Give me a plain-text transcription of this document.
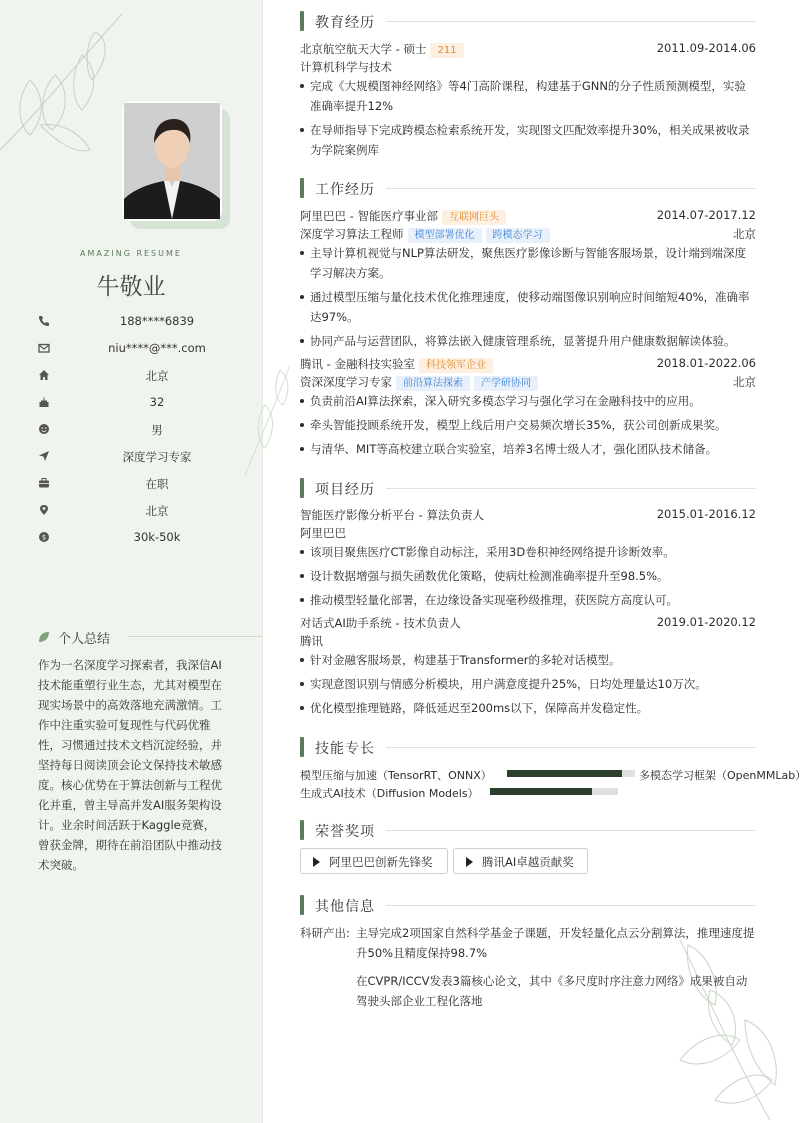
AMAZING RESUME
牛敬业
188****6839
niu****@***.com
北京
32
男
深度学习专家
在职
北京
$	30k-50k
个人总结
作为一名深度学习探索者，我深信AI技术能重塑行业生态，尤其对模型在现实场景中的高效落地充满激情。工作中注重实验可复现性与代码优雅性，习惯通过技术文档沉淀经验，并坚持每日阅读顶会论文保持技术敏感度。核心优势在于算法创新与工程优化并重，曾主导高并发AI服务架构设计。业余时间活跃于Kaggle竞赛，曾获金牌，期待在前沿团队中推动技术突破。
教育经历
北京航空航天大学 - 硕士 211	2011.09-2014.06
计算机科学与技术
完成《大规模图神经网络》等4门高阶课程，构建基于GNN的分子性质预测模型，实验准确率提升12%
在导师指导下完成跨模态检索系统开发，实现图文匹配效率提升30%，相关成果被收录为学院案例库
工作经历
阿里巴巴 - 智能医疗事业部 互联网巨头	2014.07-2017.12
深度学习算法工程师 模型部署优化 跨模态学习	北京
主导计算机视觉与NLP算法研发，聚焦医疗影像诊断与智能客服场景，设计端到端深度学习解决方案。
通过模型压缩与量化技术优化推理速度，使移动端图像识别响应时间缩短40%，准确率达97%。
协同产品与运营团队，将算法嵌入健康管理系统，显著提升用户健康数据解读体验。
腾讯 - 金融科技实验室 科技领军企业	2018.01-2022.06
资深深度学习专家 前沿算法探索 产学研协同	北京
负责前沿AI算法探索，深入研究多模态学习与强化学习在金融科技中的应用。
牵头智能投顾系统开发，模型上线后用户交易频次增长35%，获公司创新成果奖。
与清华、MIT等高校建立联合实验室，培养3名博士级人才，强化团队技术储备。
项目经历
智能医疗影像分析平台 - 算法负责人	2015.01-2016.12
阿里巴巴
该项目聚焦医疗CT影像自动标注，采用3D卷积神经网络提升诊断效率。
设计数据增强与损失函数优化策略，使病灶检测准确率提升至98.5%。
推动模型轻量化部署，在边缘设备实现毫秒级推理，获医院方高度认可。
对话式AI助手系统 - 技术负责人	2019.01-2020.12
腾讯
针对金融客服场景，构建基于Transformer的多轮对话模型。
实现意图识别与情感分析模块，用户满意度提升25%，日均处理量达10万次。
优化模型推理链路，降低延迟至200ms以下，保障高并发稳定性。
技能专长
模型压缩与加速（TensorRT、ONNX）	多模态学习框架（OpenMMLab）
生成式AI技术（Diffusion Models）
荣誉奖项
阿里巴巴创新先锋奖	腾讯AI卓越贡献奖
其他信息
科研产出: 主导完成2项国家自然科学基金子课题，开发轻量化点云分割算法，推理速度提升50%且精度保持98.7%
在CVPR/ICCV发表3篇核心论文，其中《多尺度时序注意力网络》成果被自动驾驶头部企业工程化落地
